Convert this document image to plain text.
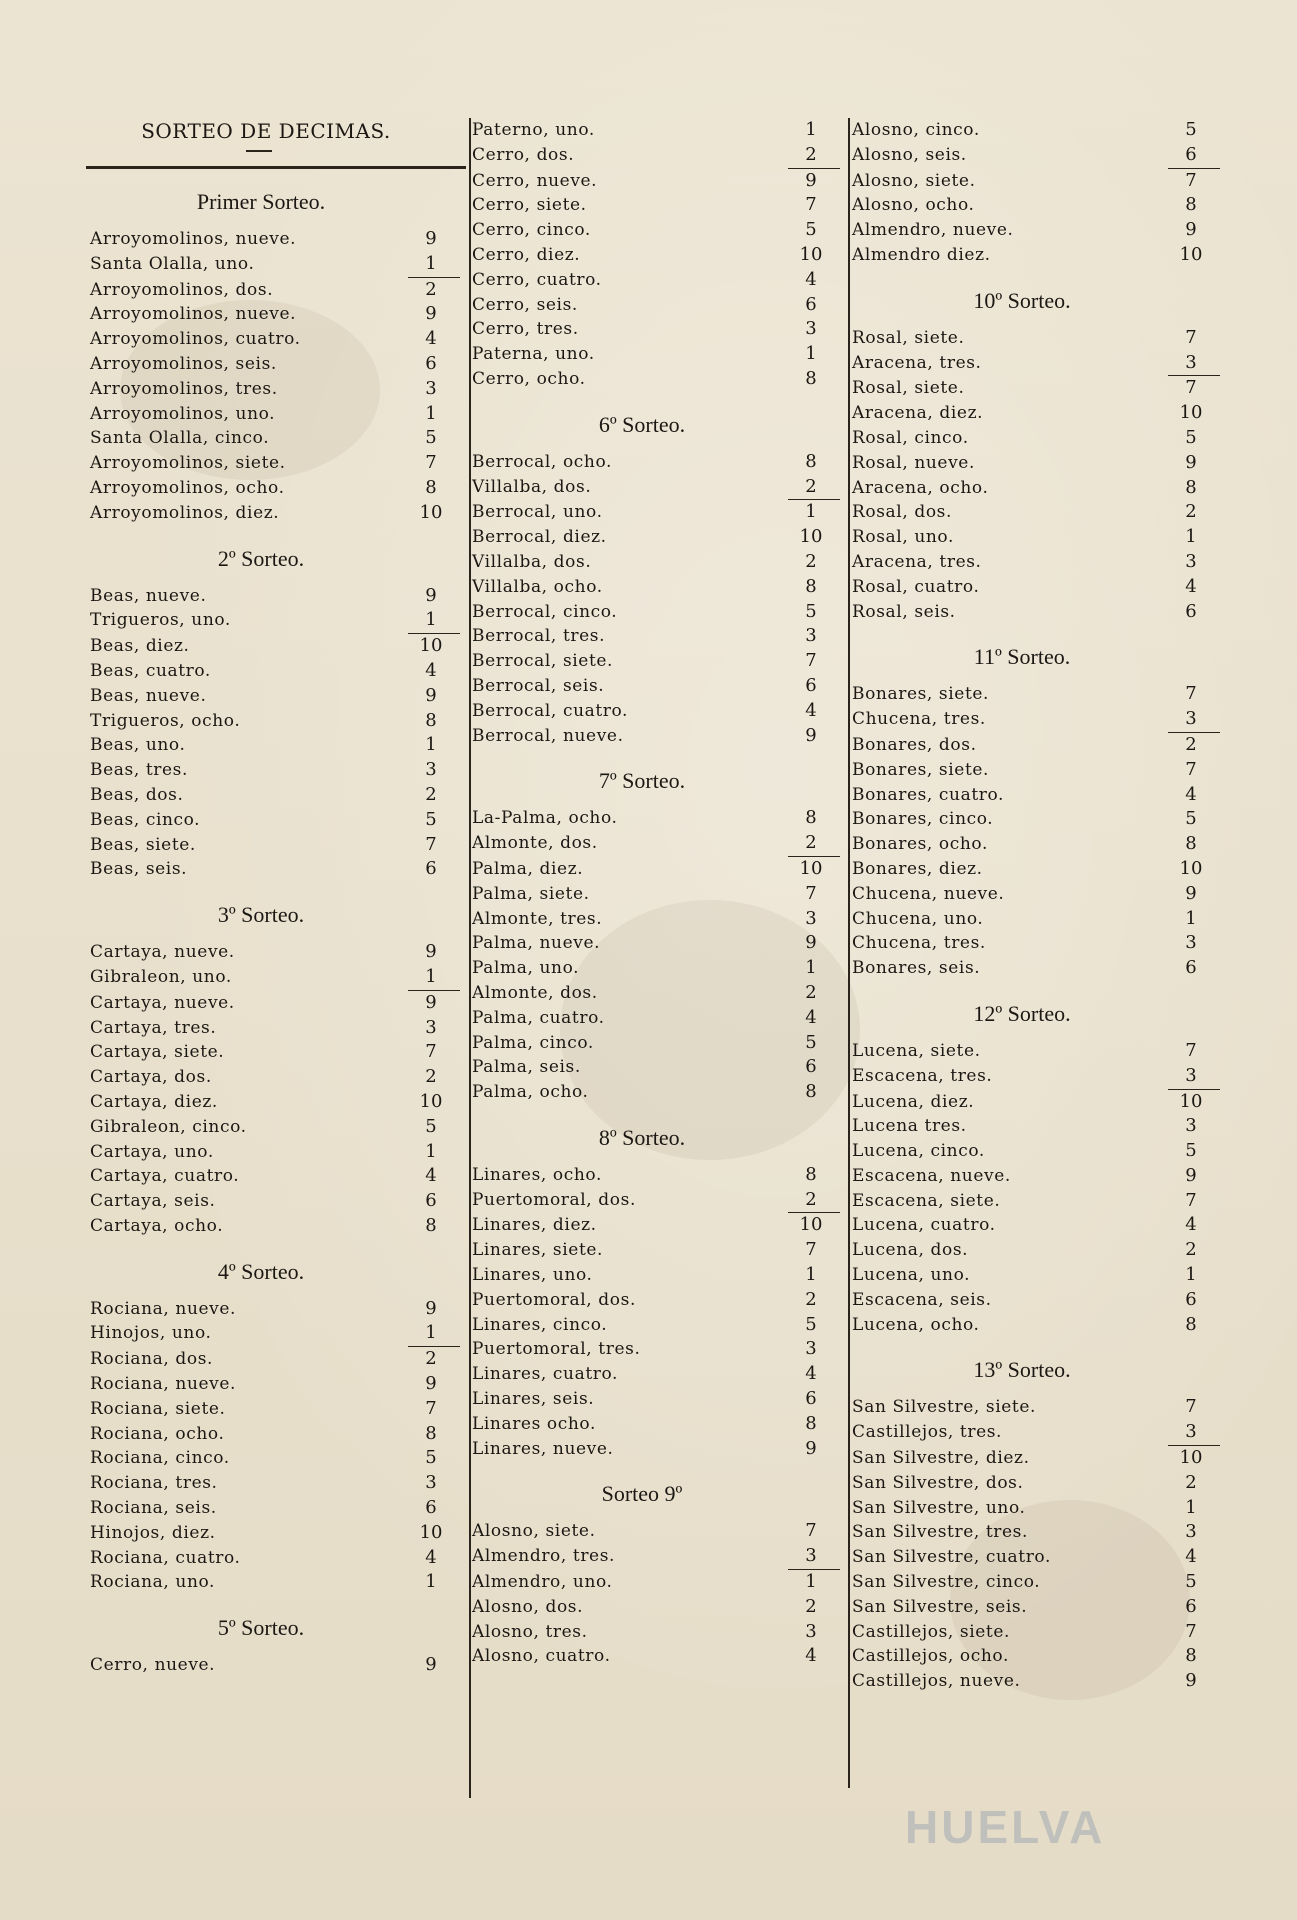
SORTEO DE DECIMAS.
Primer Sorteo.
Arroyomolinos, nueve.	9
Santa Olalla, uno.	1
Arroyomolinos, dos.	2
Arroyomolinos, nueve.	9
Arroyomolinos, cuatro.	4
Arroyomolinos, seis.	6
Arroyomolinos, tres.	3
Arroyomolinos, uno.	1
Santa Olalla, cinco.	5
Arroyomolinos, siete.	7
Arroyomolinos, ocho.	8
Arroyomolinos, diez.	10
2º Sorteo.
Beas, nueve.	9
Trigueros, uno.	1
Beas, diez.	10
Beas, cuatro.	4
Beas, nueve.	9
Trigueros, ocho.	8
Beas, uno.	1
Beas, tres.	3
Beas, dos.	2
Beas, cinco.	5
Beas, siete.	7
Beas, seis.	6
3º Sorteo.
Cartaya, nueve.	9
Gibraleon, uno.	1
Cartaya, nueve.	9
Cartaya, tres.	3
Cartaya, siete.	7
Cartaya, dos.	2
Cartaya, diez.	10
Gibraleon, cinco.	5
Cartaya, uno.	1
Cartaya, cuatro.	4
Cartaya, seis.	6
Cartaya, ocho.	8
4º Sorteo.
Rociana, nueve.	9
Hinojos, uno.	1
Rociana, dos.	2
Rociana, nueve.	9
Rociana, siete.	7
Rociana, ocho.	8
Rociana, cinco.	5
Rociana, tres.	3
Rociana, seis.	6
Hinojos, diez.	10
Rociana, cuatro.	4
Rociana, uno.	1
5º Sorteo.
Cerro, nueve.	9
Paterno, uno.	1
Cerro, dos.	2
Cerro, nueve.	9
Cerro, siete.	7
Cerro, cinco.	5
Cerro, diez.	10
Cerro, cuatro.	4
Cerro, seis.	6
Cerro, tres.	3
Paterna, uno.	1
Cerro, ocho.	8
6º Sorteo.
Berrocal, ocho.	8
Villalba, dos.	2
Berrocal, uno.	1
Berrocal, diez.	10
Villalba, dos.	2
Villalba, ocho.	8
Berrocal, cinco.	5
Berrocal, tres.	3
Berrocal, siete.	7
Berrocal, seis.	6
Berrocal, cuatro.	4
Berrocal, nueve.	9
7º Sorteo.
La-Palma, ocho.	8
Almonte, dos.	2
Palma, diez.	10
Palma, siete.	7
Almonte, tres.	3
Palma, nueve.	9
Palma, uno.	1
Almonte, dos.	2
Palma, cuatro.	4
Palma, cinco.	5
Palma, seis.	6
Palma, ocho.	8
8º Sorteo.
Linares, ocho.	8
Puertomoral, dos.	2
Linares, diez.	10
Linares, siete.	7
Linares, uno.	1
Puertomoral, dos.	2
Linares, cinco.	5
Puertomoral, tres.	3
Linares, cuatro.	4
Linares, seis.	6
Linares ocho.	8
Linares, nueve.	9
Sorteo 9º
Alosno, siete.	7
Almendro, tres.	3
Almendro, uno.	1
Alosno, dos.	2
Alosno, tres.	3
Alosno, cuatro.	4
Alosno, cinco.	5
Alosno, seis.	6
Alosno, siete.	7
Alosno, ocho.	8
Almendro, nueve.	9
Almendro diez.	10
10º Sorteo.
Rosal, siete.	7
Aracena, tres.	3
Rosal, siete.	7
Aracena, diez.	10
Rosal, cinco.	5
Rosal, nueve.	9
Aracena, ocho.	8
Rosal, dos.	2
Rosal, uno.	1
Aracena, tres.	3
Rosal, cuatro.	4
Rosal, seis.	6
11º Sorteo.
Bonares, siete.	7
Chucena, tres.	3
Bonares, dos.	2
Bonares, siete.	7
Bonares, cuatro.	4
Bonares, cinco.	5
Bonares, ocho.	8
Bonares, diez.	10
Chucena, nueve.	9
Chucena, uno.	1
Chucena, tres.	3
Bonares, seis.	6
12º Sorteo.
Lucena, siete.	7
Escacena, tres.	3
Lucena, diez.	10
Lucena tres.	3
Lucena, cinco.	5
Escacena, nueve.	9
Escacena, siete.	7
Lucena, cuatro.	4
Lucena, dos.	2
Lucena, uno.	1
Escacena, seis.	6
Lucena, ocho.	8
13º Sorteo.
San Silvestre, siete.	7
Castillejos, tres.	3
San Silvestre, diez.	10
San Silvestre, dos.	2
San Silvestre, uno.	1
San Silvestre, tres.	3
San Silvestre, cuatro.	4
San Silvestre, cinco.	5
San Silvestre, seis.	6
Castillejos, siete.	7
Castillejos, ocho.	8
Castillejos, nueve.	9
HUELVA
